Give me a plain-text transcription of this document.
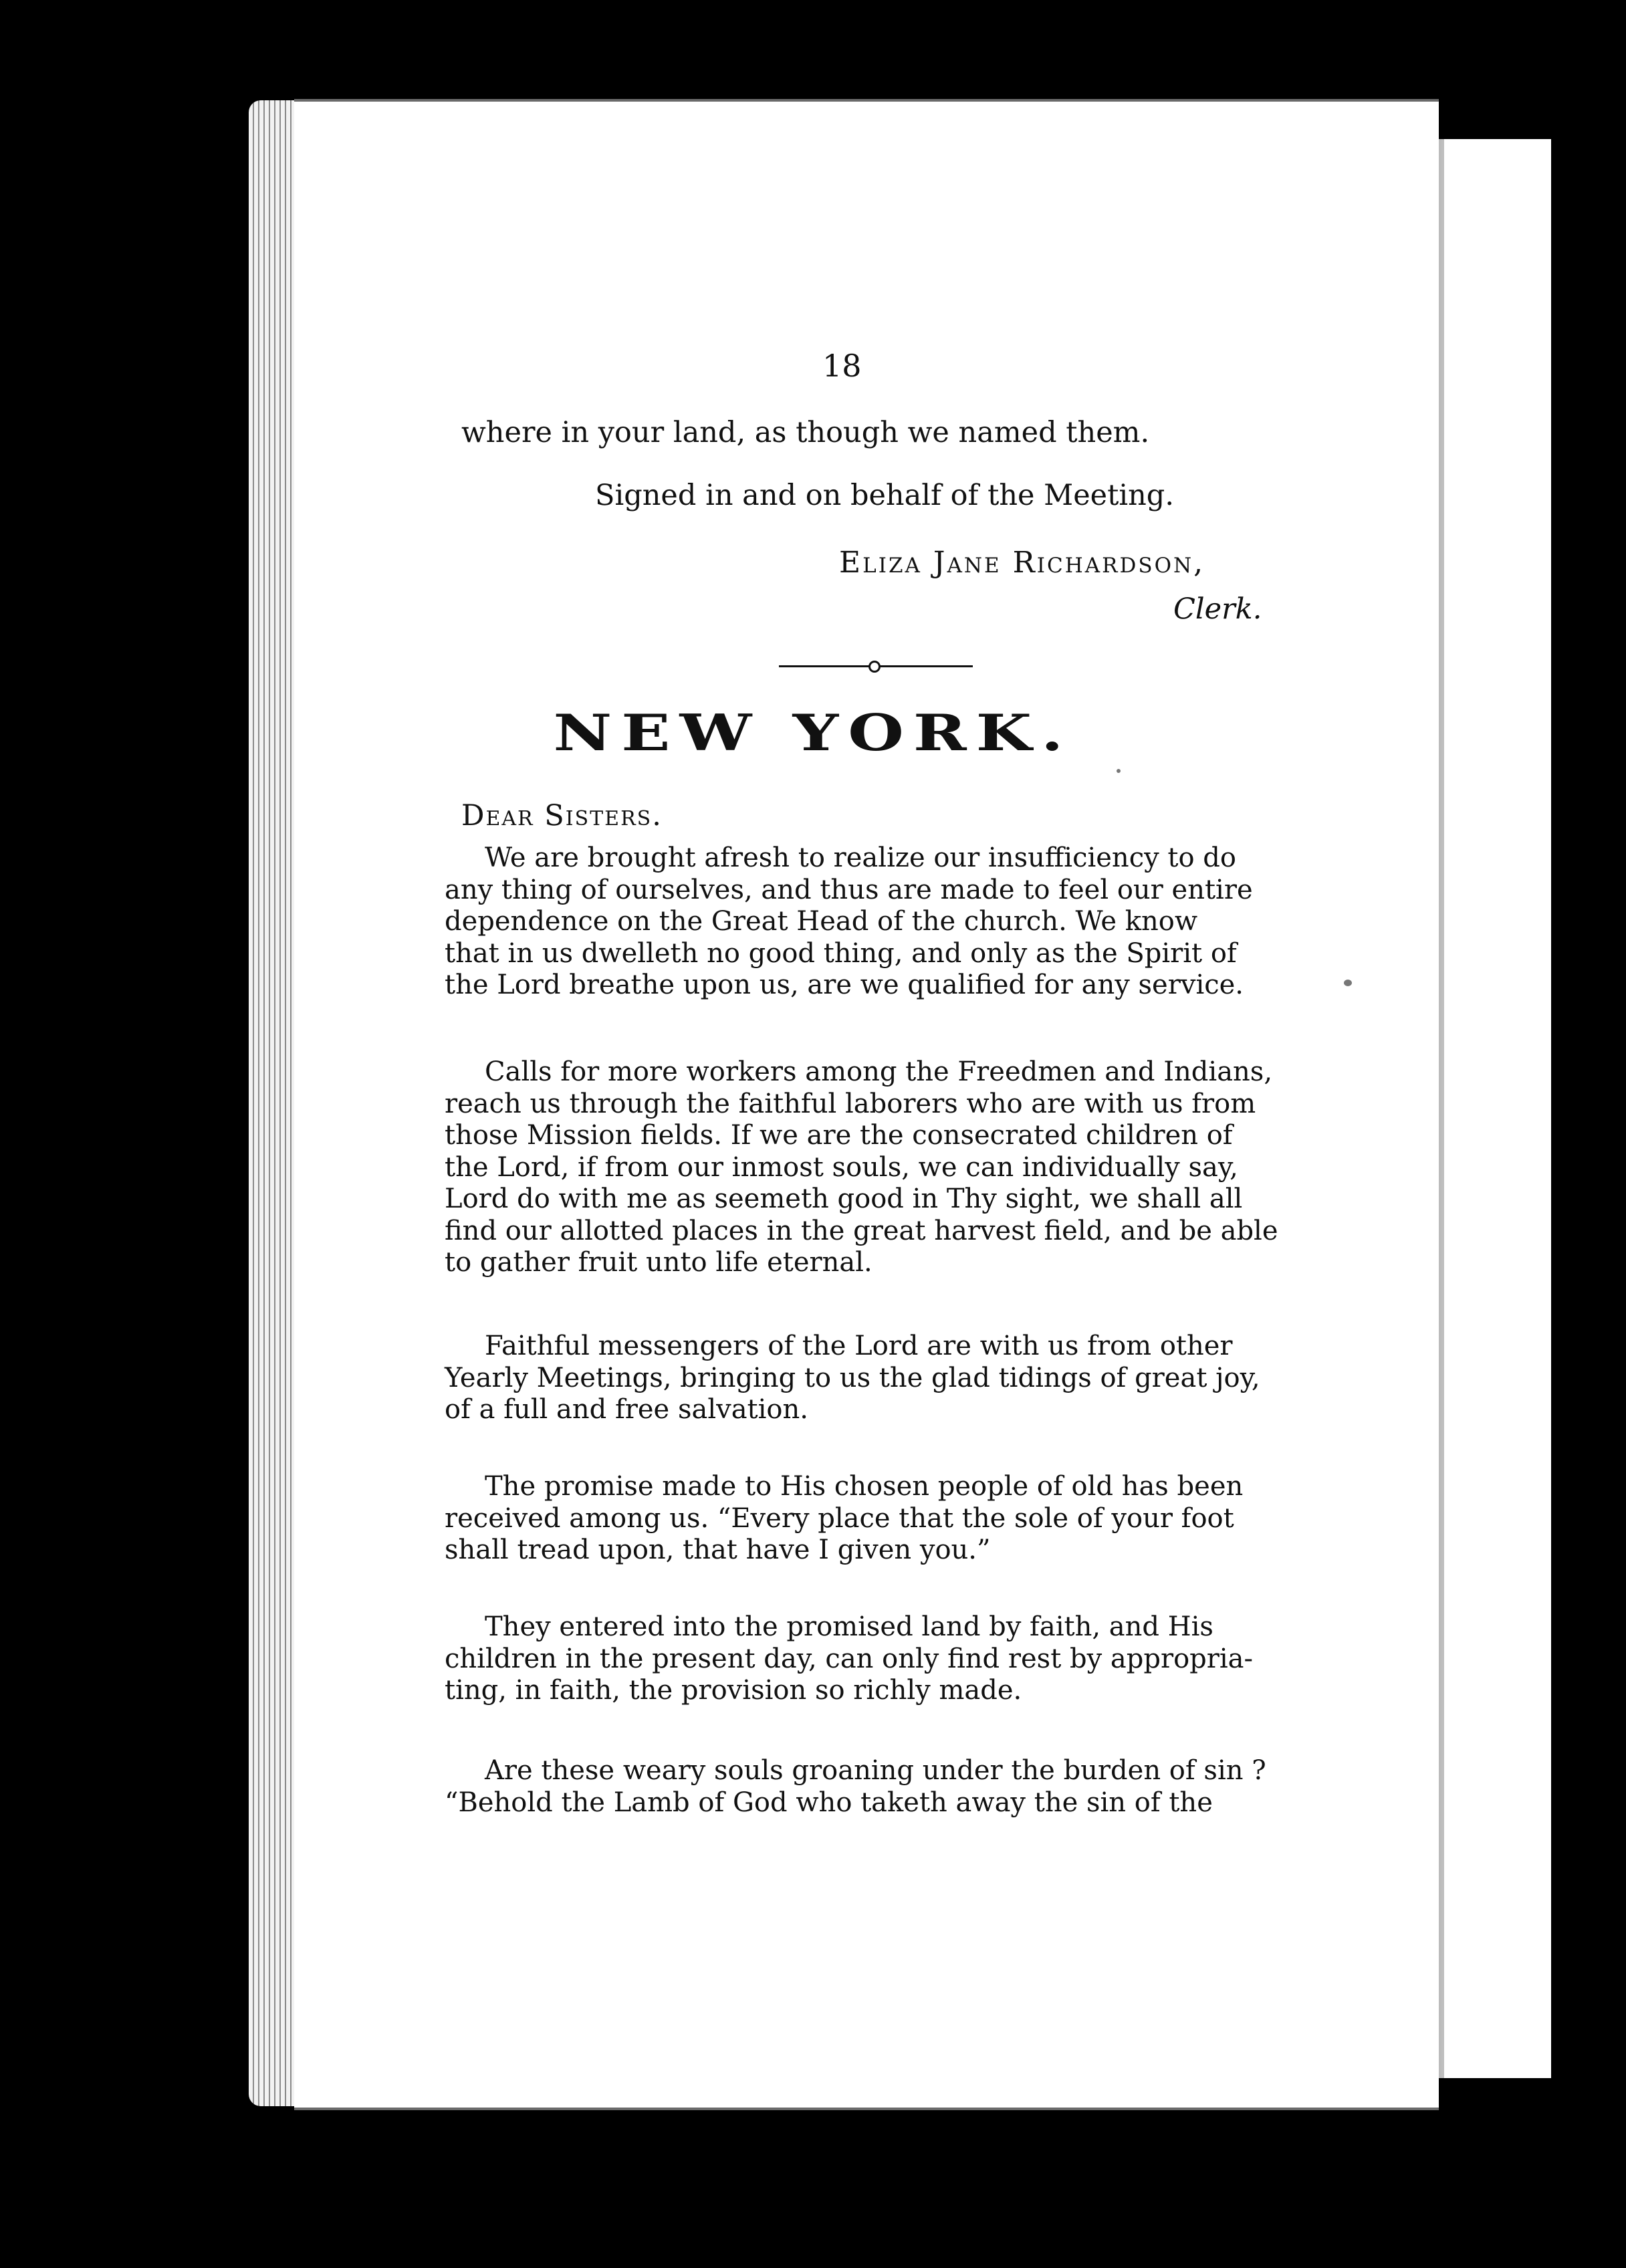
18
where in your land, as though we named them.
Signed in and on behalf of the Meeting.
Eliza Jane Richardson,
Clerk.
NEW YORK.
Dear Sisters.
We are brought afresh to realize our insufficiency to do
any thing of ourselves, and thus are made to feel our entire
dependence on the Great Head of the church. We know
that in us dwelleth no good thing, and only as the Spirit of
the Lord breathe upon us, are we qualified for any service.
Calls for more workers among the Freedmen and Indians,
reach us through the faithful laborers who are with us from
those Mission fields. If we are the consecrated children of
the Lord, if from our inmost souls, we can individually say,
Lord do with me as seemeth good in Thy sight, we shall all
find our allotted places in the great harvest field, and be able
to gather fruit unto life eternal.
Faithful messengers of the Lord are with us from other
Yearly Meetings, bringing to us the glad tidings of great joy,
of a full and free salvation.
The promise made to His chosen people of old has been
received among us. “Every place that the sole of your foot
shall tread upon, that have I given you.”
They entered into the promised land by faith, and His
children in the present day, can only find rest by appropria-
ting, in faith, the provision so richly made.
Are these weary souls groaning under the burden of sin ?
“Behold the Lamb of God who taketh away the sin of the
